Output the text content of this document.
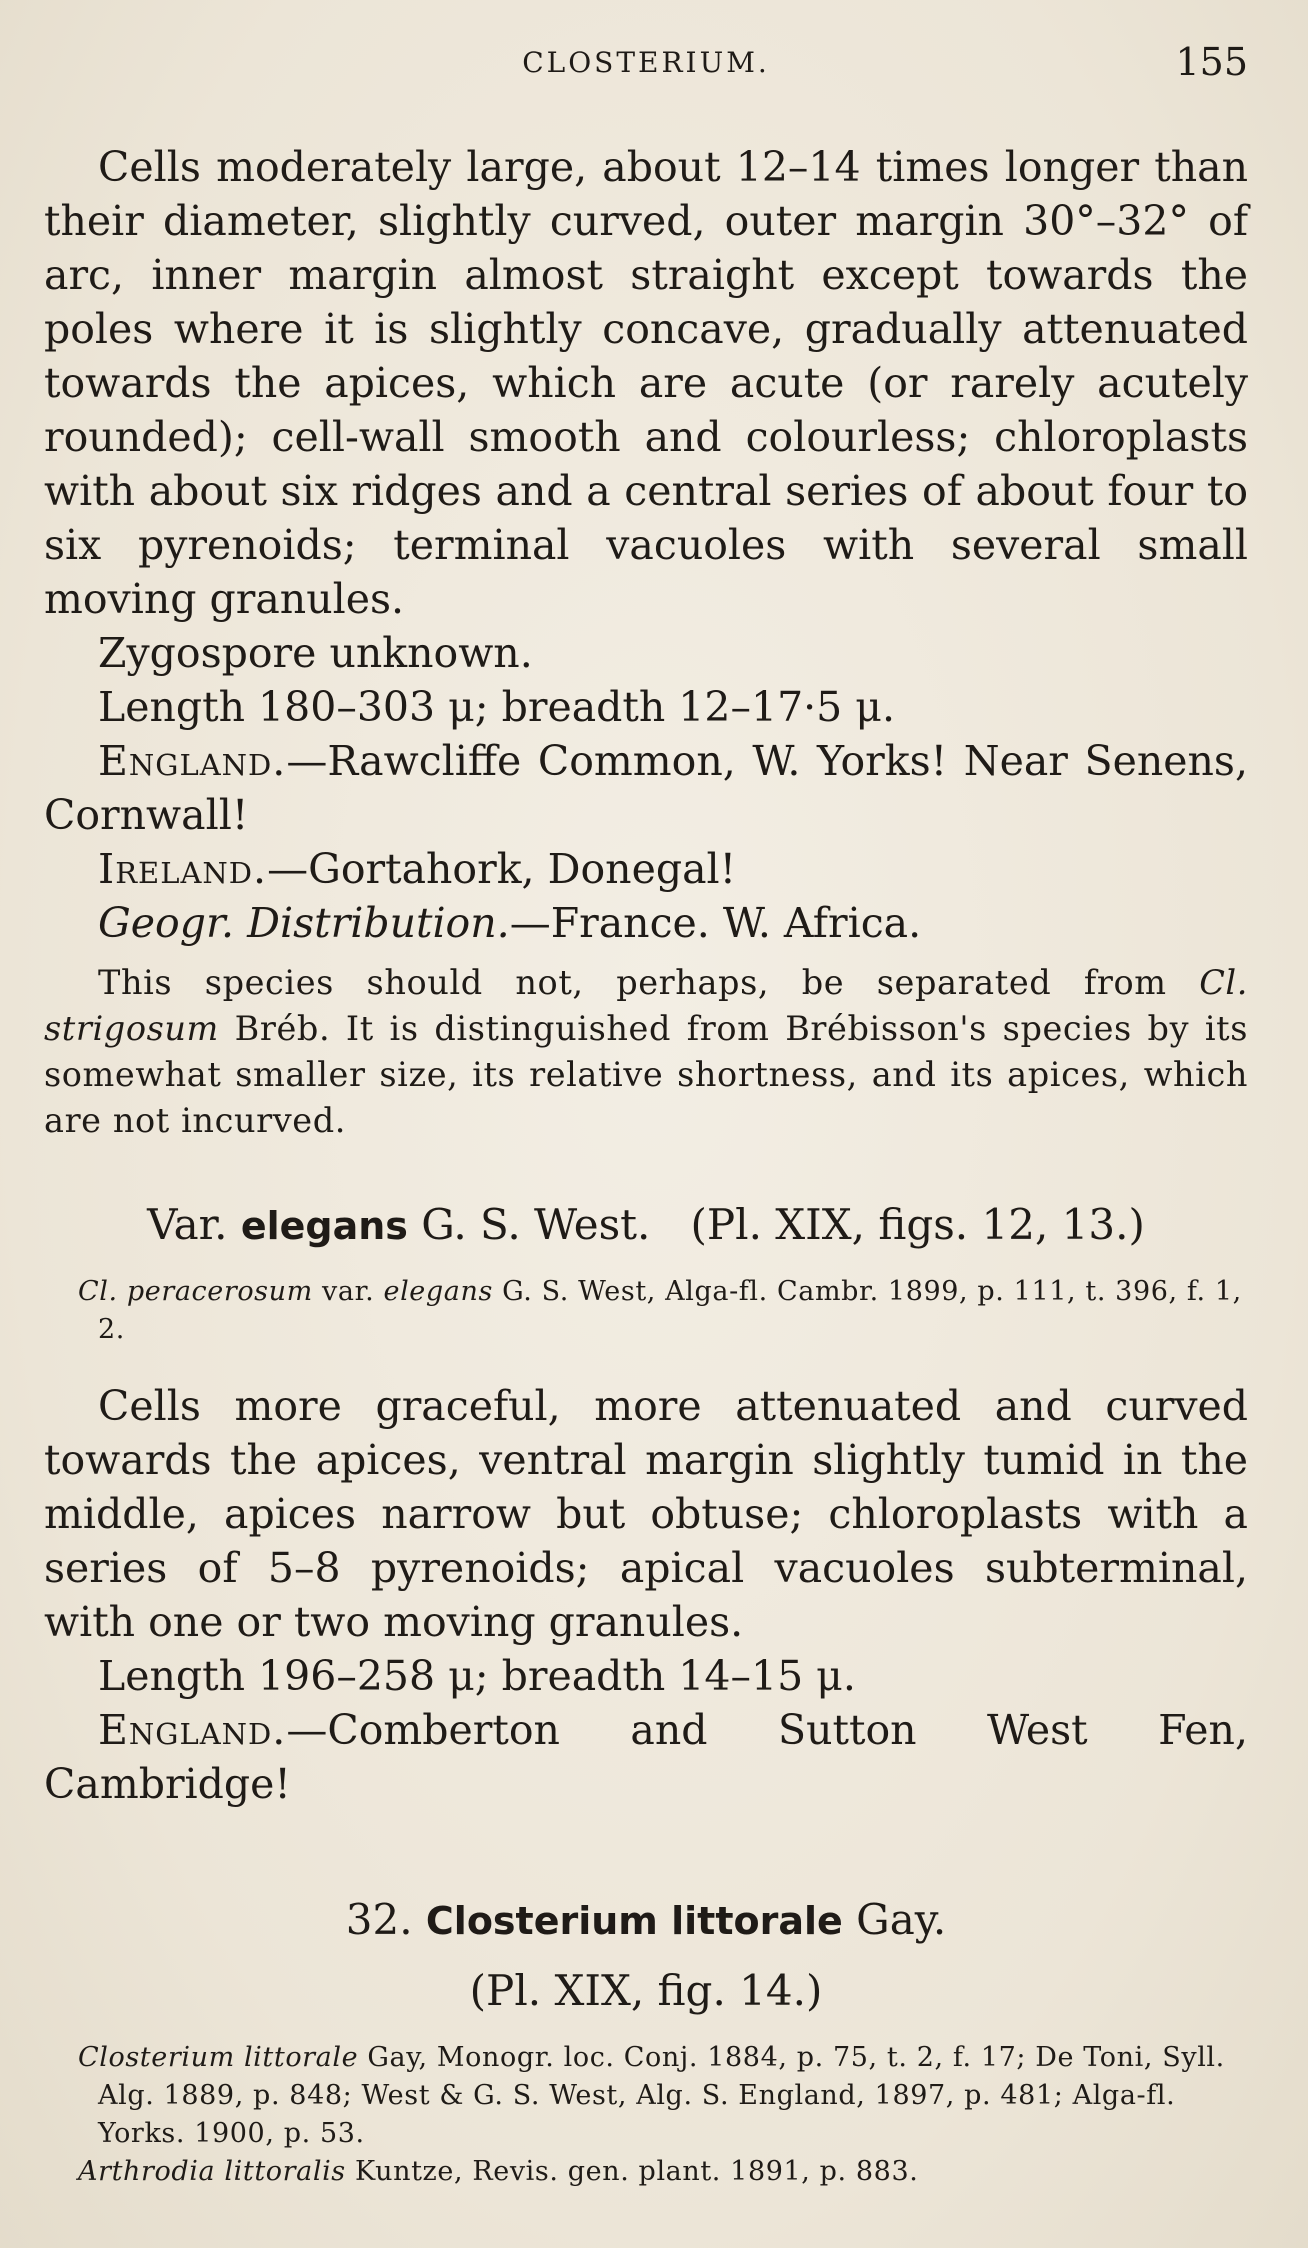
CLOSTERIUM.	155

Cells moderately large, about 12–14 times longer than their diameter, slightly curved, outer margin 30°–32° of arc, inner margin almost straight except towards the poles where it is slightly concave, gradually attenuated towards the apices, which are acute (or rarely acutely rounded); cell-wall smooth and colourless; chloroplasts with about six ridges and a central series of about four to six pyrenoids; terminal vacuoles with several small moving granules.

Zygospore unknown.

Length 180–303 μ; breadth 12–17·5 μ.

England.—Rawcliffe Common, W. Yorks! Near Senens, Cornwall!

Ireland.—Gortahork, Donegal!

Geogr. Distribution.—France. W. Africa.

This species should not, perhaps, be separated from Cl. strigosum Bréb. It is distinguished from Brébisson's species by its somewhat smaller size, its relative shortness, and its apices, which are not incurved.

Var. elegans G. S. West. (Pl. XIX, figs. 12, 13.)

Cl. peracerosum var. elegans G. S. West, Alga-fl. Cambr. 1899, p. 111, t. 396, f. 1, 2.

Cells more graceful, more attenuated and curved towards the apices, ventral margin slightly tumid in the middle, apices narrow but obtuse; chloroplasts with a series of 5–8 pyrenoids; apical vacuoles subterminal, with one or two moving granules.

Length 196–258 μ; breadth 14–15 μ.

England.—Comberton and Sutton West Fen, Cambridge!

32. Closterium littorale Gay.

(Pl. XIX, fig. 14.)

Closterium littorale Gay, Monogr. loc. Conj. 1884, p. 75, t. 2, f. 17; De Toni, Syll. Alg. 1889, p. 848; West & G. S. West, Alg. S. England, 1897, p. 481; Alga-fl. Yorks. 1900, p. 53.

Arthrodia littoralis Kuntze, Revis. gen. plant. 1891, p. 883.
